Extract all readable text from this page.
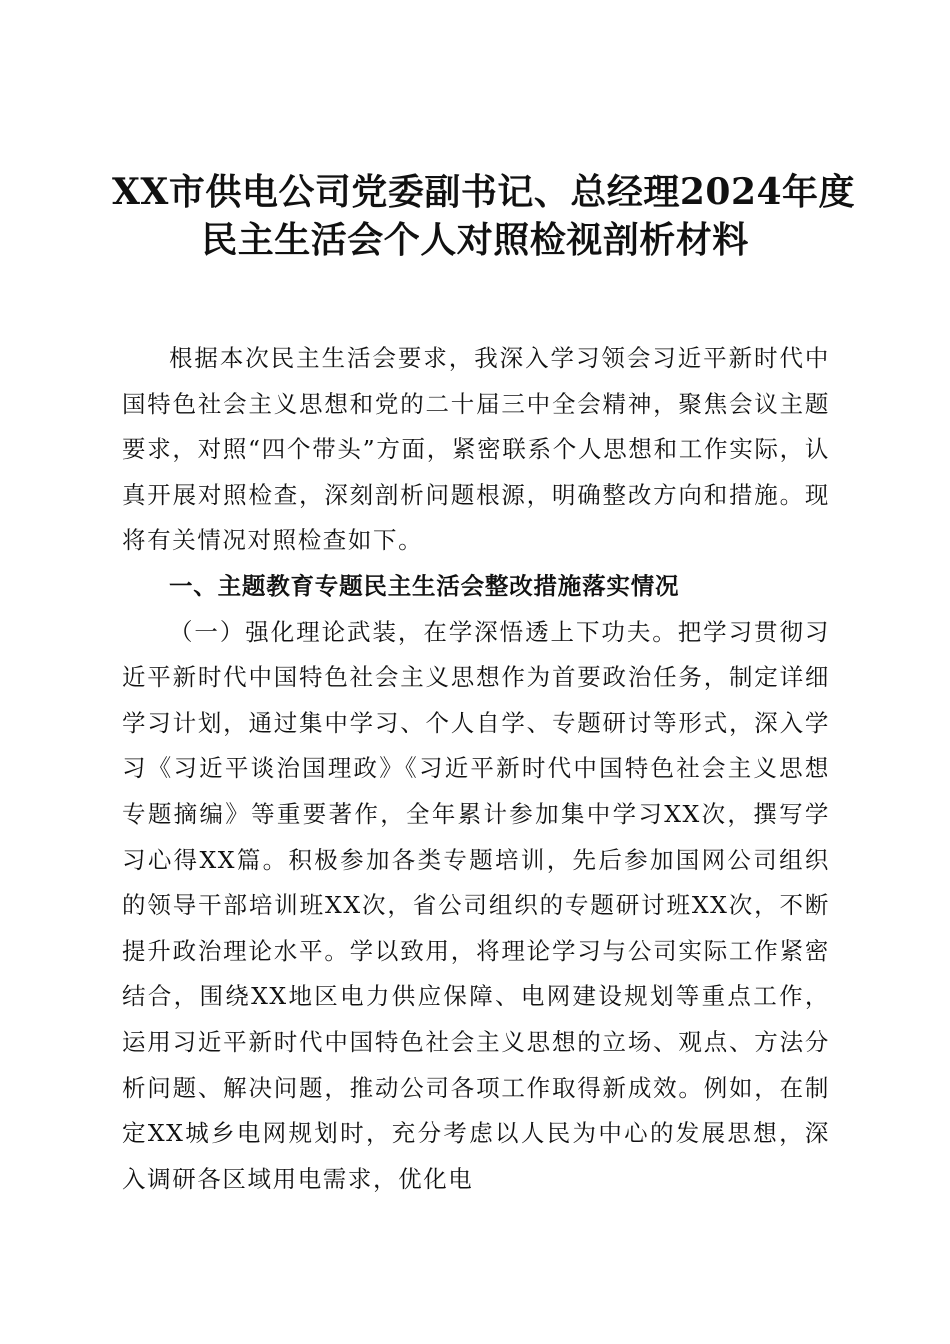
XX市供电公司党委副书记、总经理2024年度
民主生活会个人对照检视剖析材料

根据本次民主生活会要求，我深入学习领会习近平新时代中国特色社会主义思想和党的二十届三中全会精神，聚焦会议主题要求，对照“四个带头”方面，紧密联系个人思想和工作实际，认真开展对照检查，深刻剖析问题根源，明确整改方向和措施。现将有关情况对照检查如下。

一、主题教育专题民主生活会整改措施落实情况

（一）强化理论武装，在学深悟透上下功夫。把学习贯彻习近平新时代中国特色社会主义思想作为首要政治任务，制定详细学习计划，通过集中学习、个人自学、专题研讨等形式，深入学习《习近平谈治国理政》《习近平新时代中国特色社会主义思想专题摘编》等重要著作，全年累计参加集中学习XX次，撰写学习心得XX篇。积极参加各类专题培训，先后参加国网公司组织的领导干部培训班XX次，省公司组织的专题研讨班XX次，不断提升政治理论水平。学以致用，将理论学习与公司实际工作紧密结合，围绕XX地区电力供应保障、电网建设规划等重点工作，运用习近平新时代中国特色社会主义思想的立场、观点、方法分析问题、解决问题，推动公司各项工作取得新成效。例如，在制定XX城乡电网规划时，充分考虑以人民为中心的发展思想，深入调研各区域用电需求，优化电
